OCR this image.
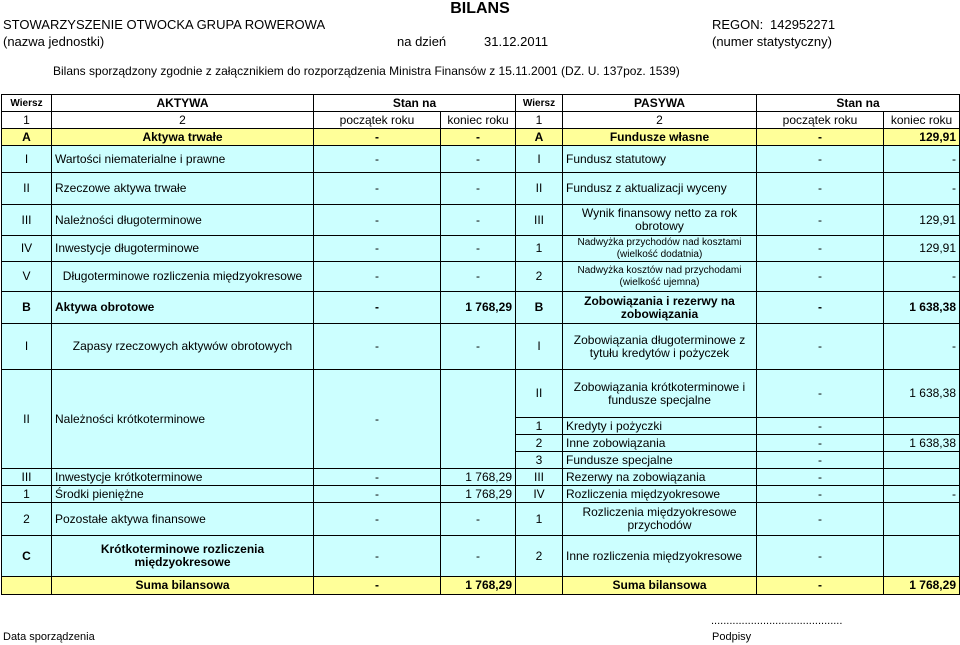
BILANS
STOWARZYSZENIE OTWOCKA GRUPA ROWEROWA
(nazwa jednostki)	na dzień	31.12.2011
REGON: 142952271
(numer statystyczny)
Bilans sporządzony zgodnie z załącznikiem do rozporządzenia Ministra Finansów z 15.11.2001 (DZ. U. 137poz. 1539)
Wiersz	AKTYWA	Stan na		Wiersz	PASYWA	Stan na	
1	2	początek roku	koniec roku	1	2	początek roku	koniec roku
A	Aktywa trwałe	-	-	A	Fundusze własne	-	129,91
I	Wartości niematerialne i prawne	-	-	I	Fundusz statutowy	-	-
II	Rzeczowe aktywa trwałe	-	-	II	Fundusz z aktualizacji wyceny	-	-
III	Należności długoterminowe	-	-	III	Wynik finansowy netto za rok obrotowy	-	129,91
IV	Inwestycje długoterminowe	-	-	1	Nadwyżka przychodów nad kosztami (wielkość dodatnia)	-	129,91
V	Długoterminowe rozliczenia międzyokresowe	-	-	2	Nadwyżka kosztów nad przychodami (wielkość ujemna)	-	-
B	Aktywa obrotowe	-	1 768,29	B	Zobowiązania i rezerwy na zobowiązania	-	1 638,38
I	Zapasy rzeczowych aktywów obrotowych	-	-	I	Zobowiązania długoterminowe z tytułu kredytów i pożyczek	-	-
II	Należności krótkoterminowe	-		II	Zobowiązania krótkoterminowe i fundusze specjalne	-	1 638,38
				1	Kredyty i pożyczki	-	
				2	Inne zobowiązania	-	1 638,38
				3	Fundusze specjalne	-	
III	Inwestycje krótkoterminowe	-	1 768,29	III	Rezerwy na zobowiązania	-	
1	Środki pieniężne	-	1 768,29	IV	Rozliczenia międzyokresowe	-	-
2	Pozostałe aktywa finansowe	-	-	1	Rozliczenia międzyokresowe przychodów	-	
C	Krótkoterminowe rozliczenia międzyokresowe	-	-	2	Inne rozliczenia międzyokresowe	-	
	Suma bilansowa	-	1 768,29		Suma bilansowa	-	1 768,29
...........................................
Data sporządzenia	Podpisy
